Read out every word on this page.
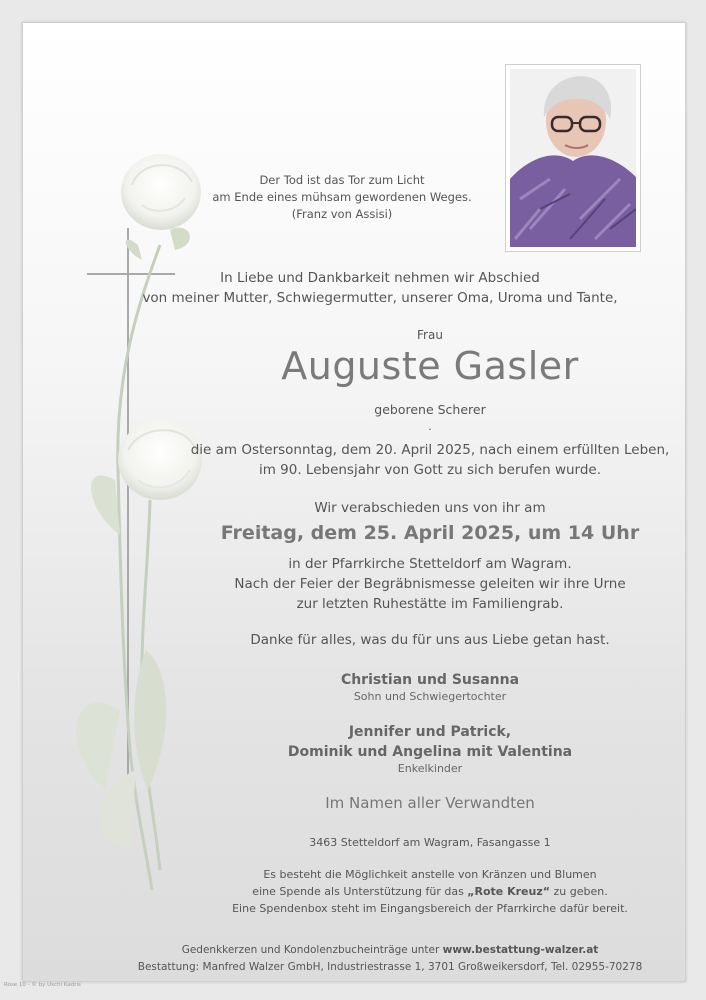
Der Tod ist das Tor zum Licht
am Ende eines mühsam gewordenen Weges.
(Franz von Assisi)
In Liebe und Dankbarkeit nehmen wir Abschied
von meiner Mutter, Schwiegermutter, unserer Oma, Uroma und Tante,
Frau
Auguste Gasler
geborene Scherer
.
die am Ostersonntag, dem 20. April 2025, nach einem erfüllten Leben,
im 90. Lebensjahr von Gott zu sich berufen wurde.
Wir verabschieden uns von ihr am
Freitag, dem 25. April 2025, um 14 Uhr
in der Pfarrkirche Stetteldorf am Wagram.
Nach der Feier der Begräbnismesse geleiten wir ihre Urne
zur letzten Ruhestätte im Familiengrab.
Danke für alles, was du für uns aus Liebe getan hast.
Christian und Susanna
Sohn und Schwiegertochter
Jennifer und Patrick,
Dominik und Angelina mit Valentina
Enkelkinder
Im Namen aller Verwandten
3463 Stetteldorf am Wagram, Fasangasse 1
Es besteht die Möglichkeit anstelle von Kränzen und Blumen
eine Spende als Unterstützung für das „Rote Kreuz“ zu geben.
Eine Spendenbox steht im Eingangsbereich der Pfarrkirche dafür bereit.
Gedenkkerzen und Kondolenzbucheinträge unter www.bestattung-walzer.at
Bestattung: Manfred Walzer GmbH, Industriestrasse 1, 3701 Großweikersdorf, Tel. 02955-70278
Rose 10 - © by Uschi Kadris
